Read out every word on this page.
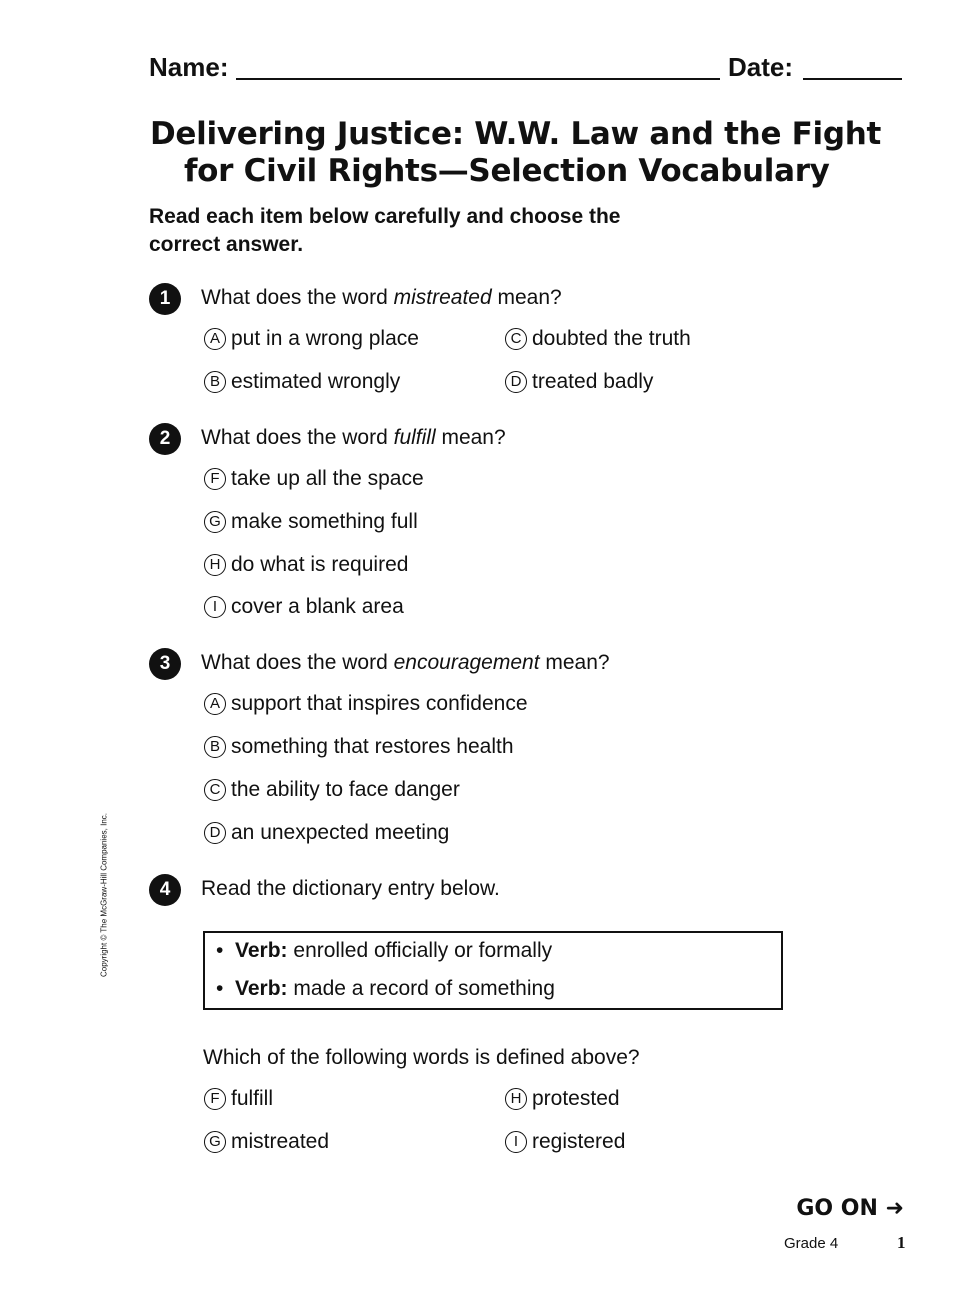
Name:	Date:
Delivering Justice: W.W. Law and the Fight
for Civil Rights—Selection Vocabulary
Read each item below carefully and choose the
correct answer.
1	What does the word mistreated mean?
A put in a wrong place
B estimated wrongly
C doubted the truth
D treated badly
2	What does the word fulfill mean?
F take up all the space
G make something full
H do what is required
I cover a blank area
3	What does the word encouragement mean?
A support that inspires confidence
B something that restores health
C the ability to face danger
D an unexpected meeting
4	Read the dictionary entry below.
•  Verb: enrolled officially or formally
•  Verb: made a record of something
Which of the following words is defined above?
F fulfill
G mistreated
H protested
I registered
GO ON ➜
Grade 4	1
Copyright © The McGraw-Hill Companies, Inc.
